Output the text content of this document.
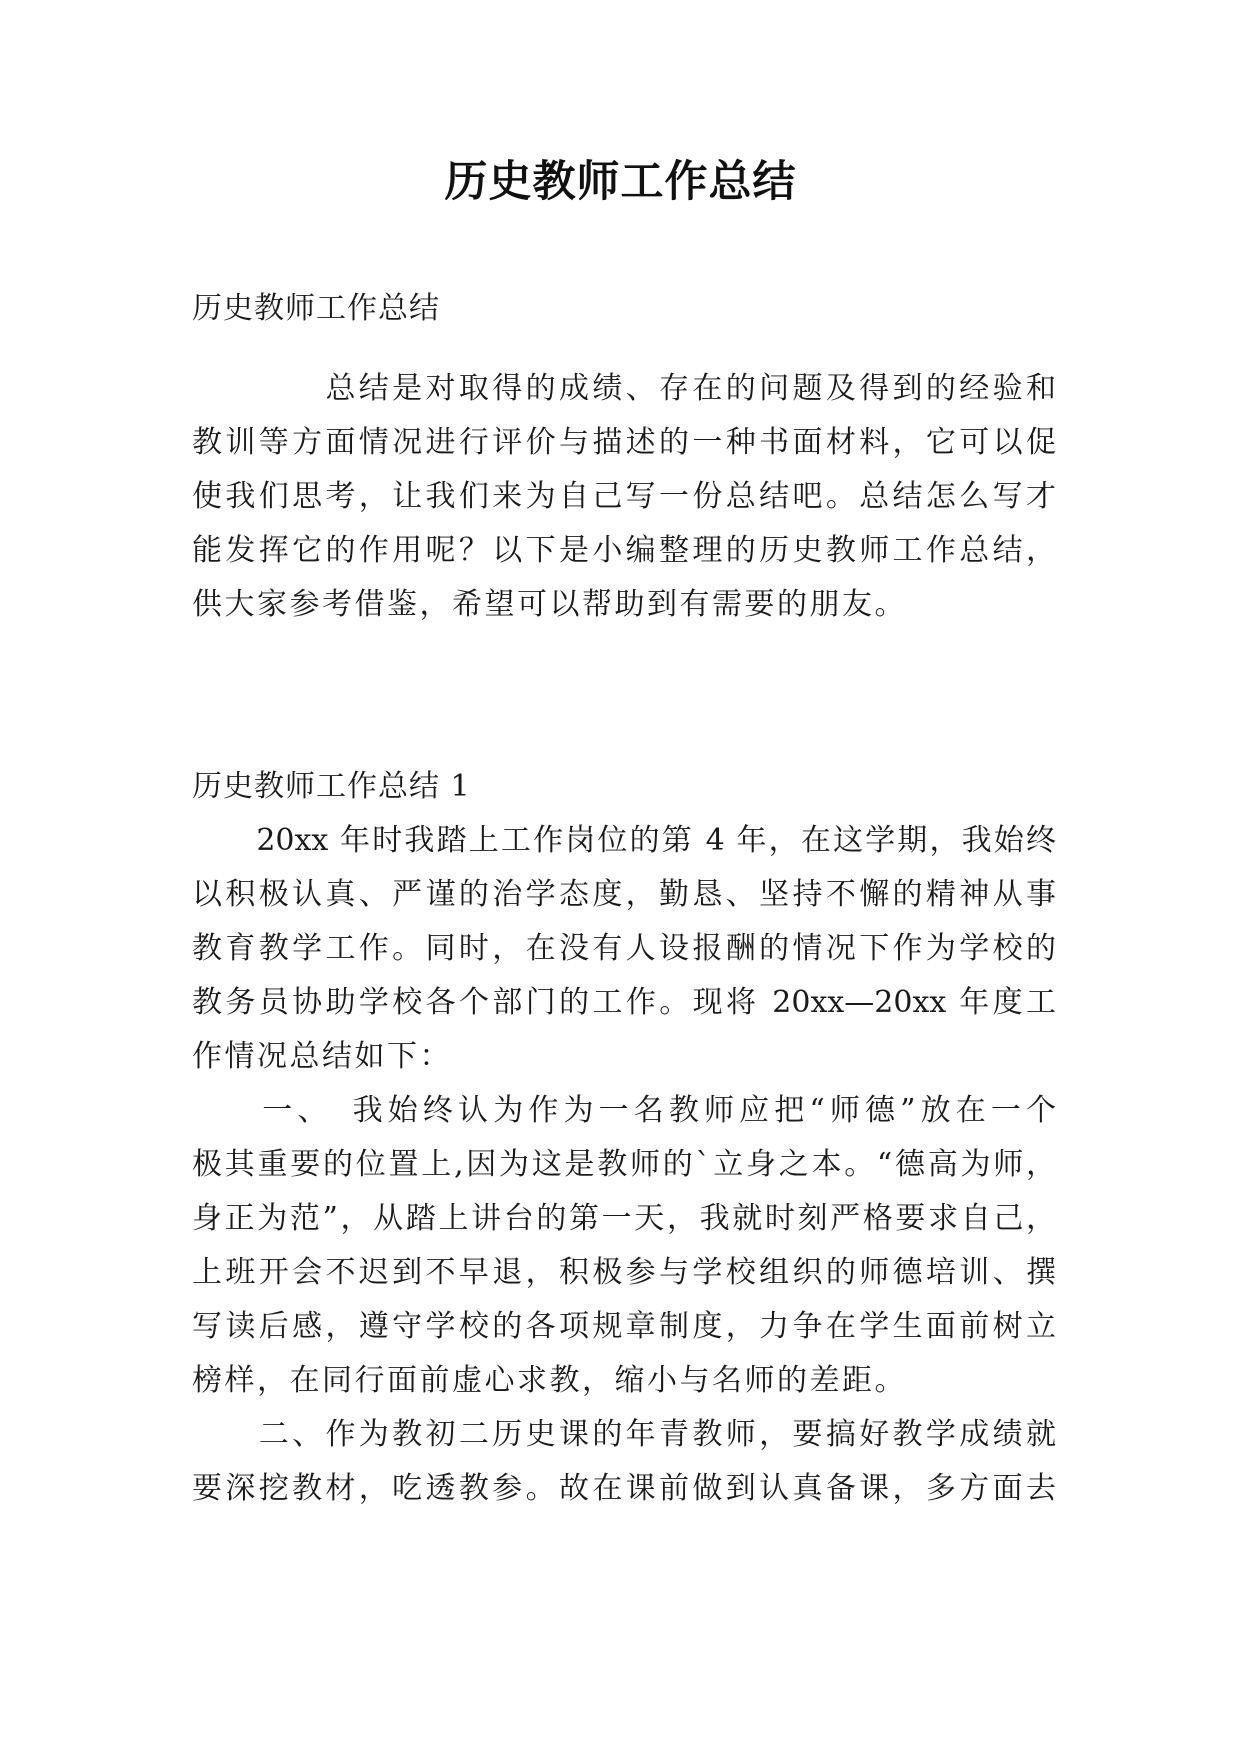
历史教师工作总结
历史教师工作总结
　　　　总结是对取得的成绩、存在的问题及得到的经验和
教训等方面情况进行评价与描述的一种书面材料，它可以促
使我们思考，让我们来为自己写一份总结吧。总结怎么写才
能发挥它的作用呢？以下是小编整理的历史教师工作总结，
供大家参考借鉴，希望可以帮助到有需要的朋友。
历史教师工作总结 1
　　20xx 年时我踏上工作岗位的第 4 年，在这学期，我始终
以积极认真、严谨的治学态度，勤恳、坚持不懈的精神从事
教育教学工作。同时，在没有人设报酬的情况下作为学校的
教务员协助学校各个部门的工作。现将 20xx—20xx 年度工
作情况总结如下：
　　一、　我始终认为作为一名教师应把“师德”放在一个
极其重要的位置上,因为这是教师的`立身之本。“德高为师，
身正为范”，从踏上讲台的第一天，我就时刻严格要求自己，
上班开会不迟到不早退，积极参与学校组织的师德培训、撰
写读后感，遵守学校的各项规章制度，力争在学生面前树立
榜样，在同行面前虚心求教，缩小与名师的差距。
　　二、作为教初二历史课的年青教师，要搞好教学成绩就
要深挖教材，吃透教参。故在课前做到认真备课，多方面去
